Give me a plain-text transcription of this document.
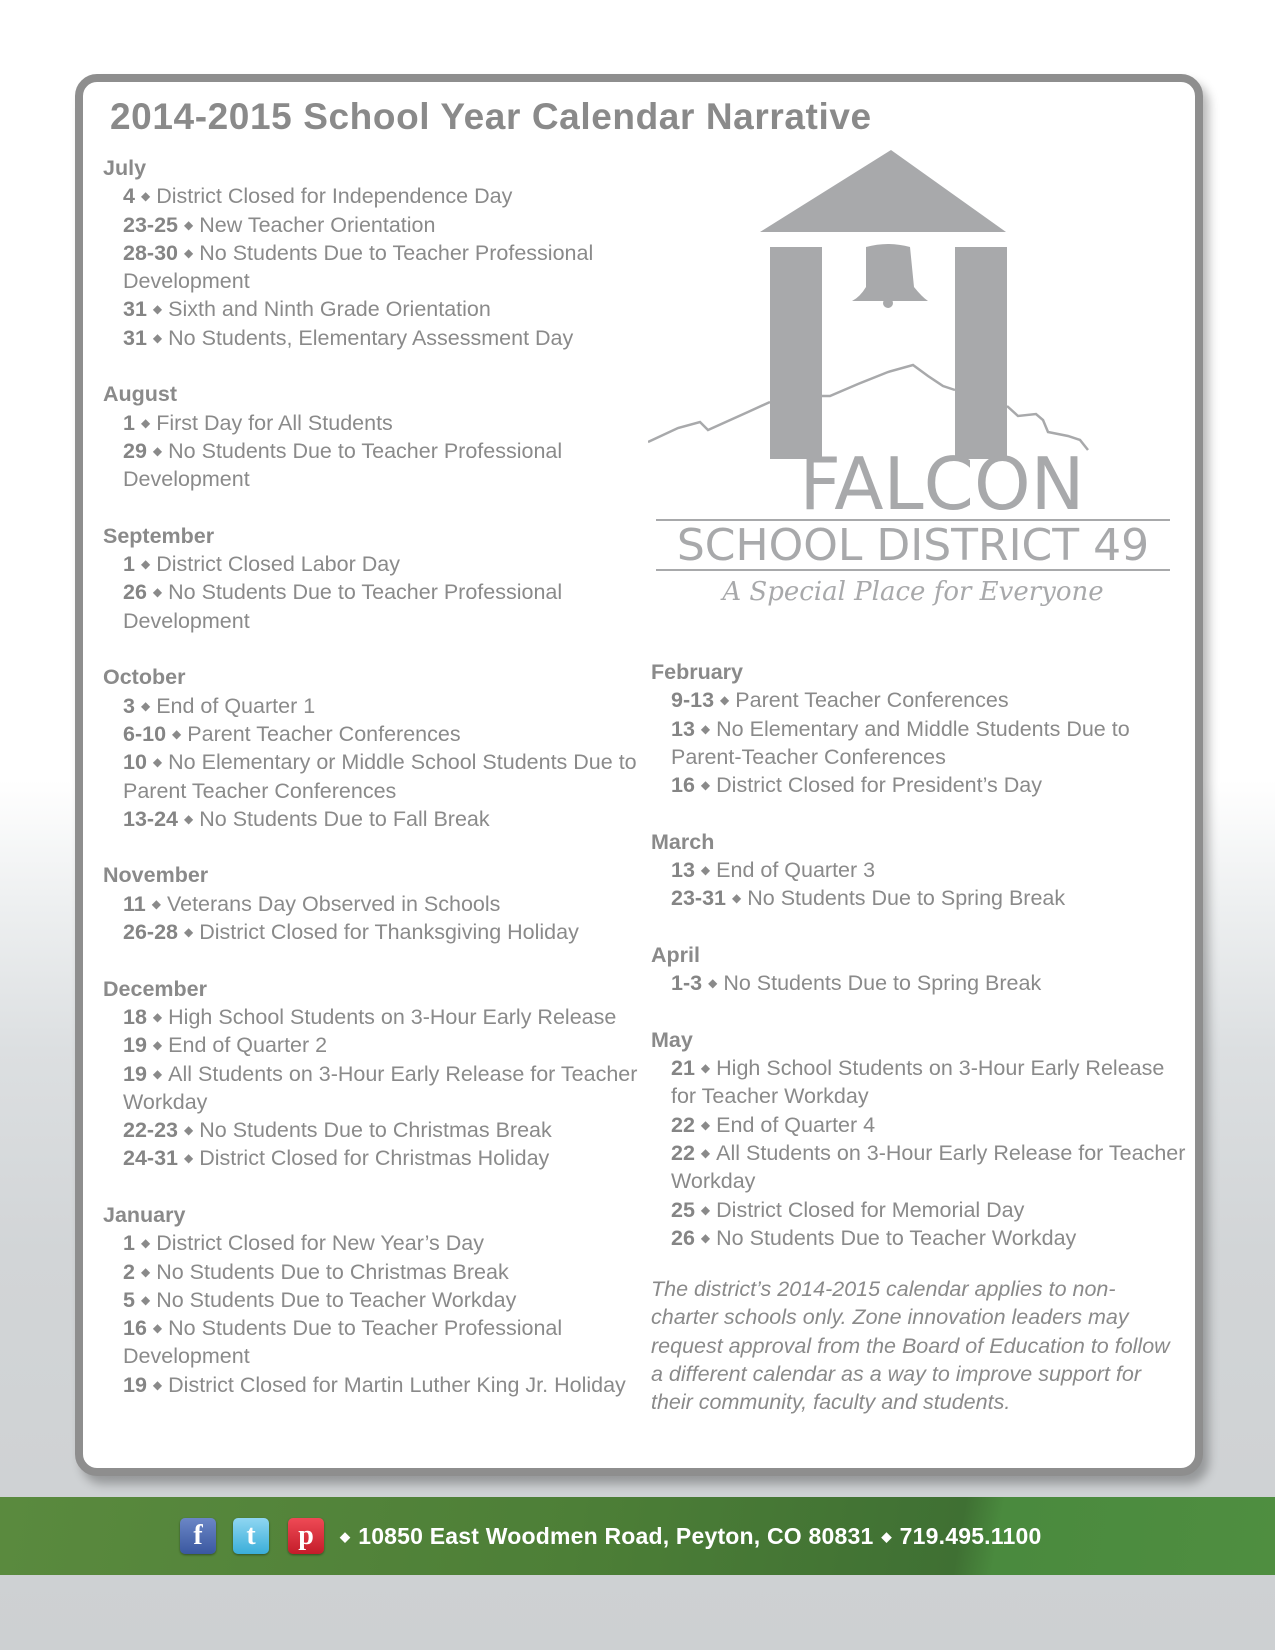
2014-2015 School Year Calendar Narrative
July
4 ◆ District Closed for Independence Day
23-25 ◆ New Teacher Orientation
28-30 ◆ No Students Due to Teacher Professional Development
31 ◆ Sixth and Ninth Grade Orientation
31 ◆ No Students, Elementary Assessment Day
August
1 ◆ First Day for All Students
29 ◆ No Students Due to Teacher Professional Development
September
1 ◆ District Closed Labor Day
26 ◆ No Students Due to Teacher Professional Development
October
3 ◆ End of Quarter 1
6-10 ◆ Parent Teacher Conferences
10 ◆ No Elementary or Middle School Students Due to Parent Teacher Conferences
13-24 ◆ No Students Due to Fall Break
November
11 ◆ Veterans Day Observed in Schools
26-28 ◆ District Closed for Thanksgiving Holiday
December
18 ◆ High School Students on 3-Hour Early Release
19 ◆ End of Quarter 2
19 ◆ All Students on 3-Hour Early Release for Teacher Workday
22-23 ◆ No Students Due to Christmas Break
24-31 ◆ District Closed for Christmas Holiday
January
1 ◆ District Closed for New Year’s Day
2 ◆ No Students Due to Christmas Break
5 ◆ No Students Due to Teacher Workday
16 ◆ No Students Due to Teacher Professional Development
19 ◆ District Closed for Martin Luther King Jr. Holiday
February
9-13 ◆ Parent Teacher Conferences
13 ◆ No Elementary and Middle Students Due to Parent-Teacher Conferences
16 ◆ District Closed for President’s Day
March
13 ◆ End of Quarter 3
23-31 ◆ No Students Due to Spring Break
April
1-3 ◆ No Students Due to Spring Break
May
21 ◆ High School Students on 3-Hour Early Release for Teacher Workday
22 ◆ End of Quarter 4
22 ◆ All Students on 3-Hour Early Release for Teacher Workday
25 ◆ District Closed for Memorial Day
26 ◆ No Students Due to Teacher Workday
FALCON
SCHOOL DISTRICT 49
A Special Place for Everyone
The district’s 2014-2015 calendar applies to non-charter schools only. Zone innovation leaders may request approval from the Board of Education to follow a different calendar as a way to improve support for their community, faculty and students.
f	t	p	◆ 10850 East Woodmen Road, Peyton, CO 80831 ◆ 719.495.1100
